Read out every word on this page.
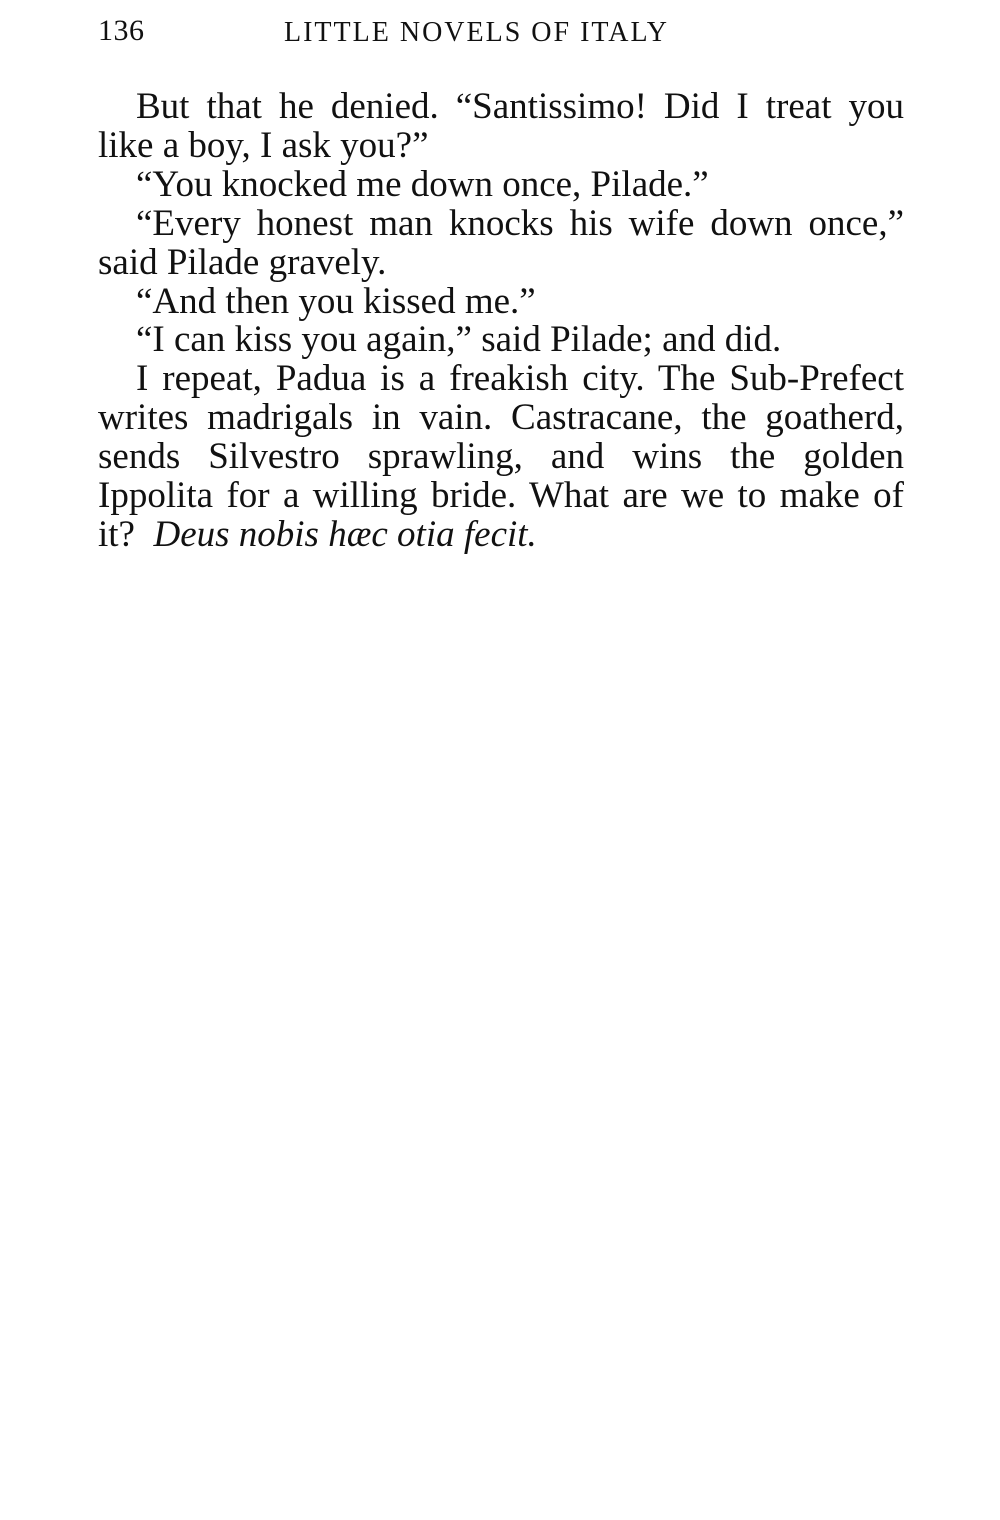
136	LITTLE NOVELS OF ITALY

But that he denied. “Santissimo! Did I treat you like a boy, I ask you?”

“You knocked me down once, Pilade.”

“Every honest man knocks his wife down once,” said Pilade gravely.

“And then you kissed me.”

“I can kiss you again,” said Pilade; and did.

I repeat, Padua is a freakish city. The Sub-Prefect writes madrigals in vain. Castracane, the goatherd, sends Silvestro sprawling, and wins the golden Ippolita for a willing bride. What are we to make of it? Deus nobis hæc otia fecit.
